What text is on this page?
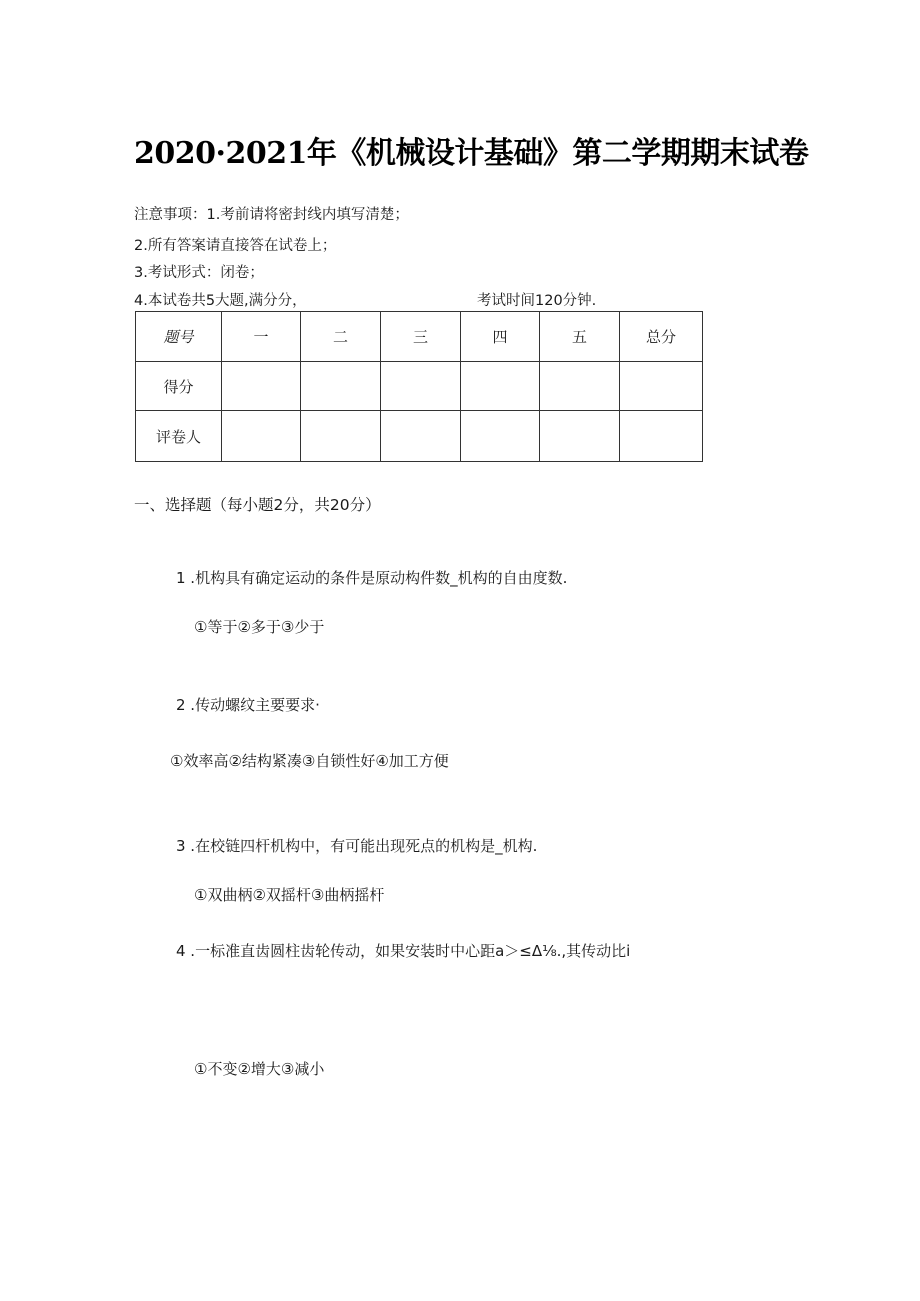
2020·2021年《机械设计基础》第二学期期末试卷
注意事项：1.考前请将密封线内填写清楚；
2.所有答案请直接答在试卷上；
3.考试形式：闭卷；
4.本试卷共5大题,满分分，	考试时间120分钟.
题号	一	二	三	四	五	总分
得分						
评卷人						
一、选择题（每小题2分，共20分）
1 .机构具有确定运动的条件是原动构件数_机构的自由度数.
①等于②多于③少于
2 .传动螺纹主要要求·
①效率高②结构紧凑③自锁性好④加工方便
3 .在校链四杆机构中，有可能出现死点的机构是_机构.
①双曲柄②双摇杆③曲柄摇杆
4 .一标准直齿圆柱齿轮传动，如果安装时中心距a＞≤Δ⅛.,其传动比i
①不变②增大③减小
